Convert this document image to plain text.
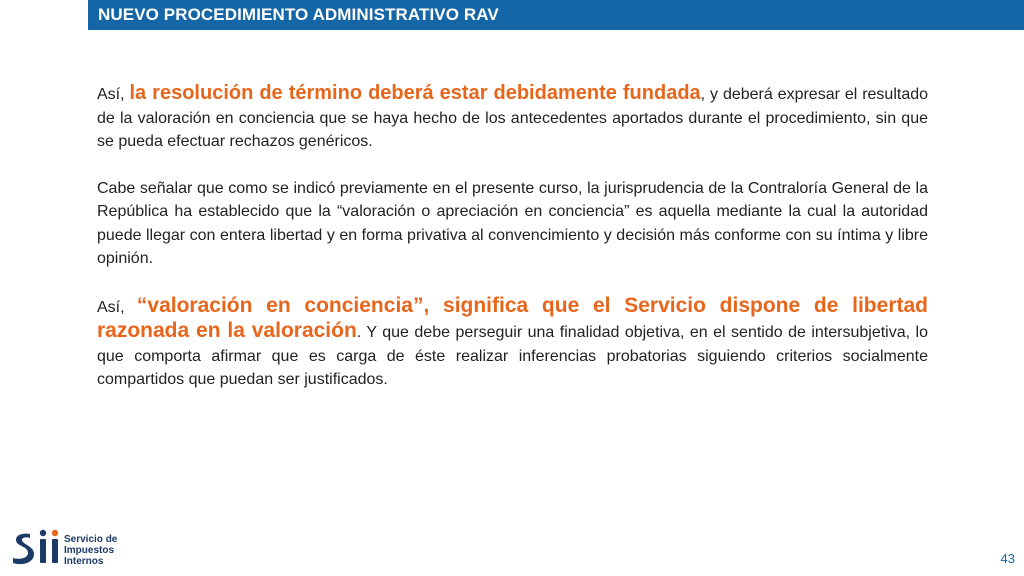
NUEVO PROCEDIMIENTO ADMINISTRATIVO RAV

Así, la resolución de término deberá estar debidamente fundada, y deberá expresar el resultado de la valoración en conciencia que se haya hecho de los antecedentes aportados durante el procedimiento, sin que se pueda efectuar rechazos genéricos.

Cabe señalar que como se indicó previamente en el presente curso, la jurisprudencia de la Contraloría General de la República ha establecido que la “valoración o apreciación en conciencia” es aquella mediante la cual la autoridad puede llegar con entera libertad y en forma privativa al convencimiento y decisión más conforme con su íntima y libre opinión.

Así, “valoración en conciencia”, significa que el Servicio dispone de libertad razonada en la valoración. Y que debe perseguir una finalidad objetiva, en el sentido de intersubjetiva, lo que comporta afirmar que es carga de éste realizar inferencias probatorias siguiendo criterios socialmente compartidos que puedan ser justificados.

Servicio de
Impuestos
Internos	43
